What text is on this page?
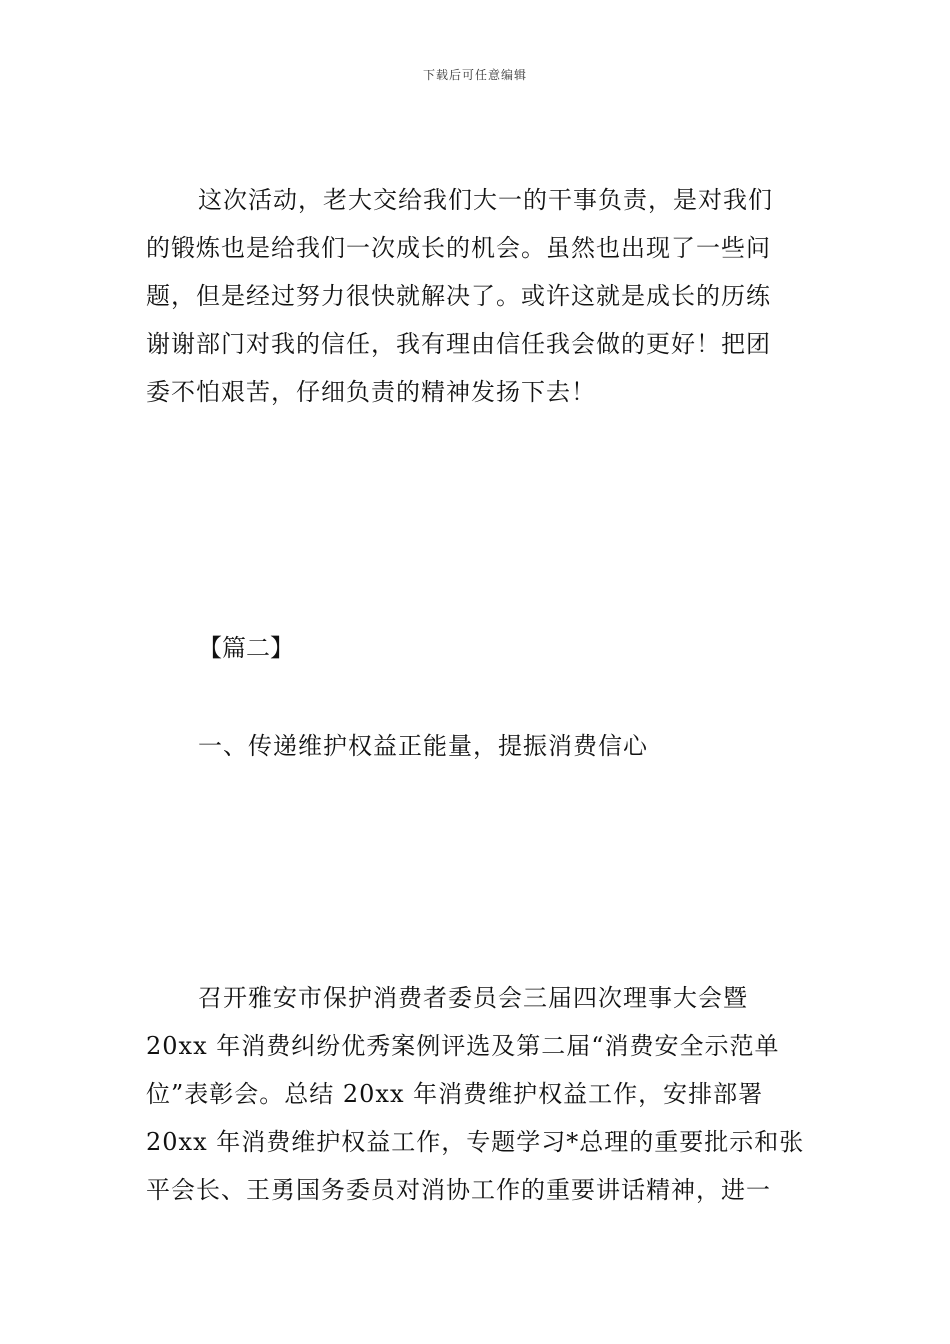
下载后可任意编辑

这次活动，老大交给我们大一的干事负责，是对我们
的锻炼也是给我们一次成长的机会。虽然也出现了一些问
题，但是经过努力很快就解决了。或许这就是成长的历练
谢谢部门对我的信任，我有理由信任我会做的更好！把团
委不怕艰苦，仔细负责的精神发扬下去！

【篇二】
一、传递维护权益正能量，提振消费信心

召开雅安市保护消费者委员会三届四次理事大会暨
20xx 年消费纠纷优秀案例评选及第二届“消费安全示范单
位”表彰会。总结 20xx 年消费维护权益工作，安排部署
20xx 年消费维护权益工作，专题学习*总理的重要批示和张
平会长、王勇国务委员对消协工作的重要讲话精神，进一
